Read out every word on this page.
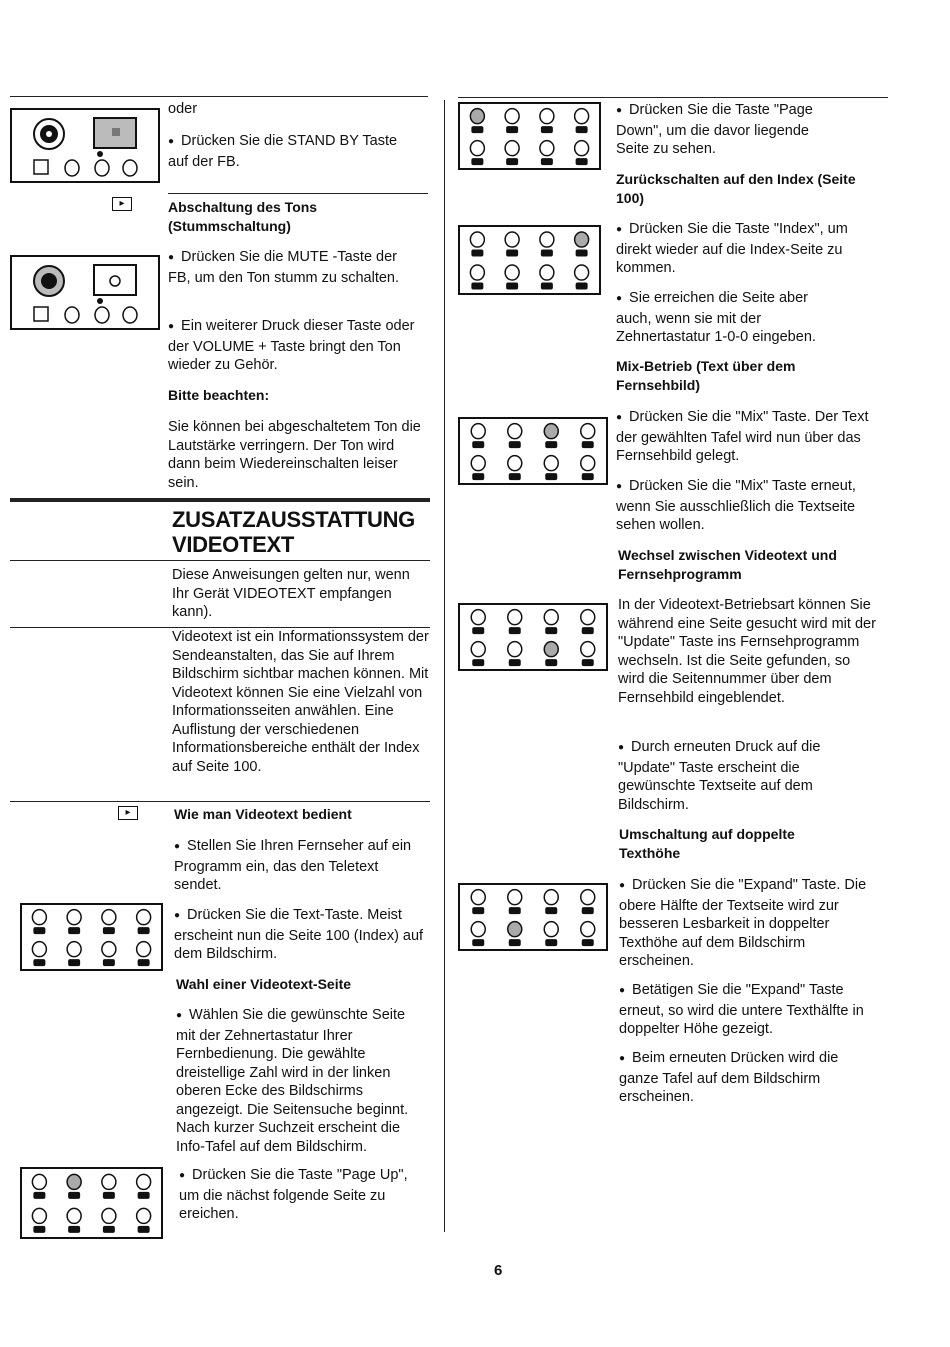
▸
▸

oder

● Drücken Sie die STAND BY Taste auf der FB.

Abschaltung des Tons (Stummschaltung)

● Drücken Sie die MUTE -Taste der FB, um den Ton stumm zu schalten.

● Ein weiterer Druck dieser Taste oder der VOLUME + Taste bringt den Ton wieder zu Gehör.

Bitte beachten:

Sie können bei abgeschaltetem Ton die Lautstärke verringern. Der Ton wird dann beim Wiedereinschalten leiser sein.

ZUSATZAUSSTATTUNG
VIDEOTEXT

Diese Anweisungen gelten nur, wenn Ihr Gerät VIDEOTEXT empfangen kann).

Videotext ist ein Informationssystem der Sendeanstalten, das Sie auf Ihrem Bildschirm sichtbar machen können. Mit Videotext können Sie eine Vielzahl von Informationsseiten anwählen. Eine Auflistung der verschiedenen Informationsbereiche enthält der Index auf Seite 100.

Wie man Videotext bedient

● Stellen Sie Ihren Fernseher auf ein Programm ein, das den Teletext sendet.

● Drücken Sie die Text-Taste. Meist erscheint nun die Seite 100 (Index) auf dem Bildschirm.

Wahl einer Videotext-Seite

● Wählen Sie die gewünschte Seite mit der Zehnertastatur Ihrer Fernbedienung. Die gewählte dreistellige Zahl wird in der linken oberen Ecke des Bildschirms angezeigt. Die Seitensuche beginnt. Nach kurzer Suchzeit erscheint die Info-Tafel auf dem Bildschirm.

● Drücken Sie die Taste "Page Up", um die nächst folgende Seite zu ereichen.

● Drücken Sie die Taste "Page Down", um die davor liegende Seite zu sehen.

Zurückschalten auf den Index (Seite 100)

● Drücken Sie die Taste "Index", um direkt wieder auf die Index-Seite zu kommen.

● Sie erreichen die Seite aber auch, wenn sie mit der Zehnertastatur 1-0-0 eingeben.

Mix-Betrieb (Text über dem Fernsehbild)

● Drücken Sie die "Mix" Taste. Der Text der gewählten Tafel wird nun über das Fernsehbild gelegt.

● Drücken Sie die "Mix" Taste erneut, wenn Sie ausschließlich die Textseite sehen wollen.

Wechsel zwischen Videotext und Fernsehprogramm

In der Videotext-Betriebsart können Sie während eine Seite gesucht wird mit der "Update" Taste ins Fernsehprogramm wechseln. Ist die Seite gefunden, so wird die Seitennummer über dem Fernsehbild eingeblendet.

● Durch erneuten Druck auf die "Update" Taste erscheint die gewünschte Textseite auf dem Bildschirm.

Umschaltung auf doppelte Texthöhe

● Drücken Sie die "Expand" Taste. Die obere Hälfte der Textseite wird zur besseren Lesbarkeit in doppelter Texthöhe auf dem Bildschirm erscheinen.

● Betätigen Sie die "Expand" Taste erneut, so wird die untere Texthälfte in doppelter Höhe gezeigt.

● Beim erneuten Drücken wird die ganze Tafel auf dem Bildschirm erscheinen.

6
